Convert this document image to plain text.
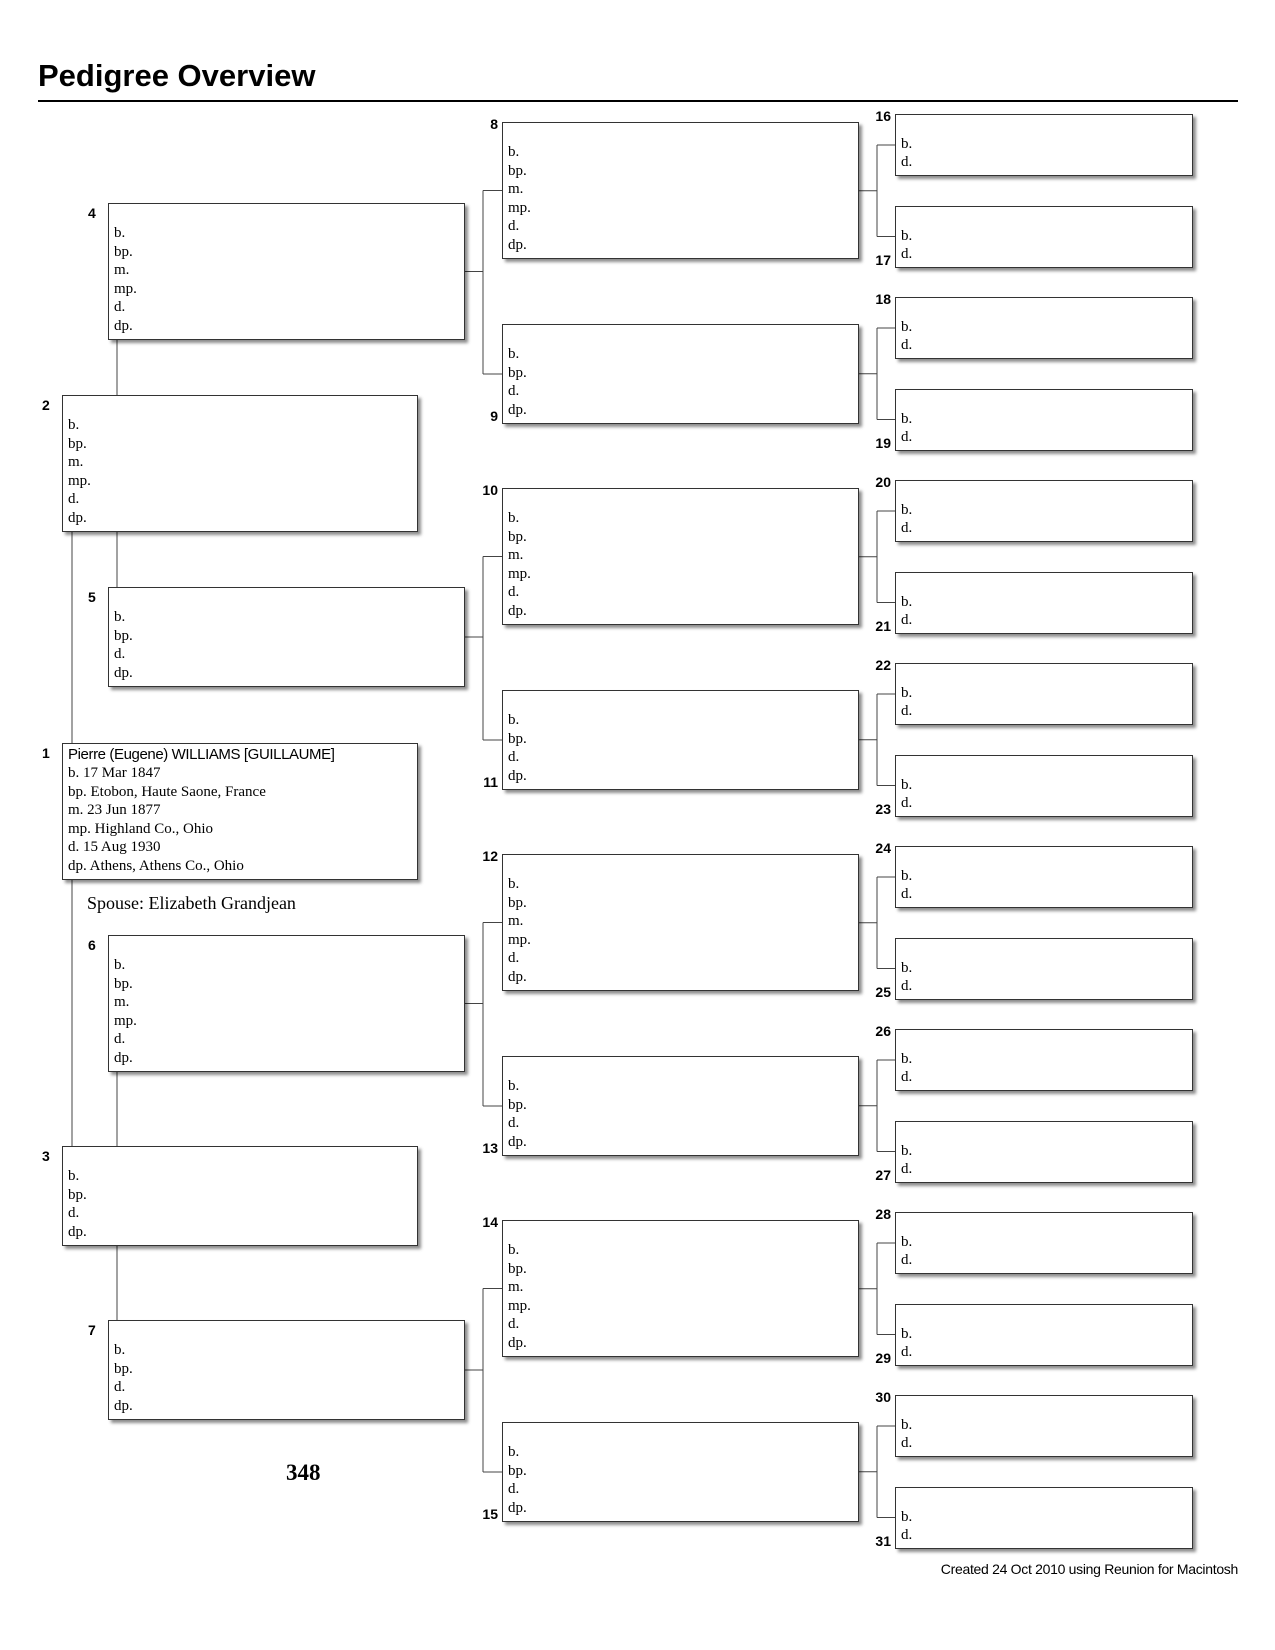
Pedigree Overview
Pierre (Eugene) WILLIAMS [GUILLAUME]
b. 17 Mar 1847
bp. Etobon, Haute Saone, France
m. 23 Jun 1877
mp. Highland Co., Ohio
d. 15 Aug 1930
dp. Athens, Athens Co., Ohio
1
b.
bp.
m.
mp.
d.
dp.
2
b.
bp.
d.
dp.
3
b.
bp.
m.
mp.
d.
dp.
4
b.
bp.
d.
dp.
5
b.
bp.
m.
mp.
d.
dp.
6
b.
bp.
d.
dp.
7
b.
bp.
m.
mp.
d.
dp.
8
b.
bp.
d.
dp.
9
b.
bp.
m.
mp.
d.
dp.
10
b.
bp.
d.
dp.
11
b.
bp.
m.
mp.
d.
dp.
12
b.
bp.
d.
dp.
13
b.
bp.
m.
mp.
d.
dp.
14
b.
bp.
d.
dp.
15
b.
d.
16
b.
d.
17
b.
d.
18
b.
d.
19
b.
d.
20
b.
d.
21
b.
d.
22
b.
d.
23
b.
d.
24
b.
d.
25
b.
d.
26
b.
d.
27
b.
d.
28
b.
d.
29
b.
d.
30
b.
d.
31
Spouse: Elizabeth Grandjean
348
Created 24 Oct 2010 using Reunion for Macintosh
